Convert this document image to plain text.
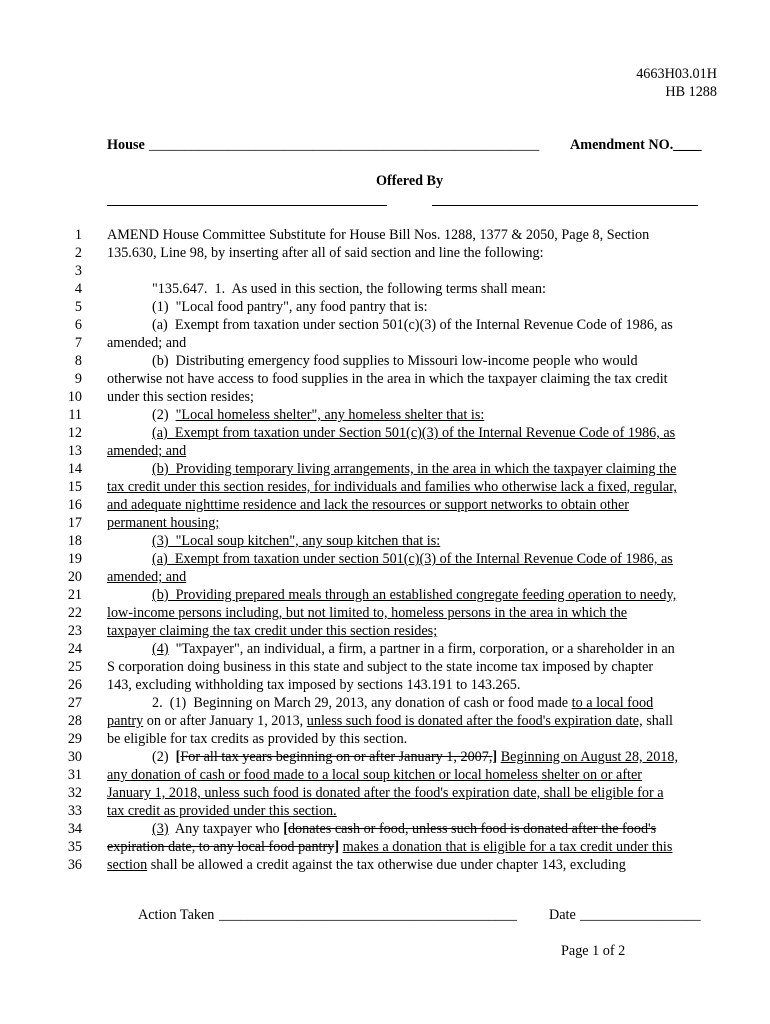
4663H03.01H
HB 1288
House _______________________________________________________ Amendment NO.____
Offered By
1 AMEND House Committee Substitute for House Bill Nos. 1288, 1377 & 2050, Page 8, Section
2 135.630, Line 98, by inserting after all of said section and line the following:
3
4	"135.647.  1.  As used in this section, the following terms shall mean:
5	(1)  "Local food pantry", any food pantry that is:
6	(a)  Exempt from taxation under section 501(c)(3) of the Internal Revenue Code of 1986, as
7 amended; and
8	(b)  Distributing emergency food supplies to Missouri low-income people who would
9 otherwise not have access to food supplies in the area in which the taxpayer claiming the tax credit
10 under this section resides;
11	(2)  "Local homeless shelter", any homeless shelter that is:
12	(a)  Exempt from taxation under Section 501(c)(3) of the Internal Revenue Code of 1986, as
13 amended; and
14	(b)  Providing temporary living arrangements, in the area in which the taxpayer claiming the
15 tax credit under this section resides, for individuals and families who otherwise lack a fixed, regular,
16 and adequate nighttime residence and lack the resources or support networks to obtain other
17 permanent housing;
18	(3)  "Local soup kitchen", any soup kitchen that is:
19	(a)  Exempt from taxation under section 501(c)(3) of the Internal Revenue Code of 1986, as
20 amended; and
21	(b)  Providing prepared meals through an established congregate feeding operation to needy,
22 low-income persons including, but not limited to, homeless persons in the area in which the
23 taxpayer claiming the tax credit under this section resides;
24	(4)  "Taxpayer", an individual, a firm, a partner in a firm, corporation, or a shareholder in an
25 S corporation doing business in this state and subject to the state income tax imposed by chapter
26 143, excluding withholding tax imposed by sections 143.191 to 143.265.
27	2.  (1)  Beginning on March 29, 2013, any donation of cash or food made to a local food
28 pantry on or after January 1, 2013, unless such food is donated after the food's expiration date, shall
29 be eligible for tax credits as provided by this section.
30	(2)  [For all tax years beginning on or after January 1, 2007,] Beginning on August 28, 2018,
31 any donation of cash or food made to a local soup kitchen or local homeless shelter on or after
32 January 1, 2018, unless such food is donated after the food's expiration date, shall be eligible for a
33 tax credit as provided under this section.
34	(3)  Any taxpayer who [donates cash or food, unless such food is donated after the food's
35 expiration date, to any local food pantry] makes a donation that is eligible for a tax credit under this
36 section shall be allowed a credit against the tax otherwise due under chapter 143, excluding
Action Taken __________________________________________ Date _________________
Page 1 of 2
